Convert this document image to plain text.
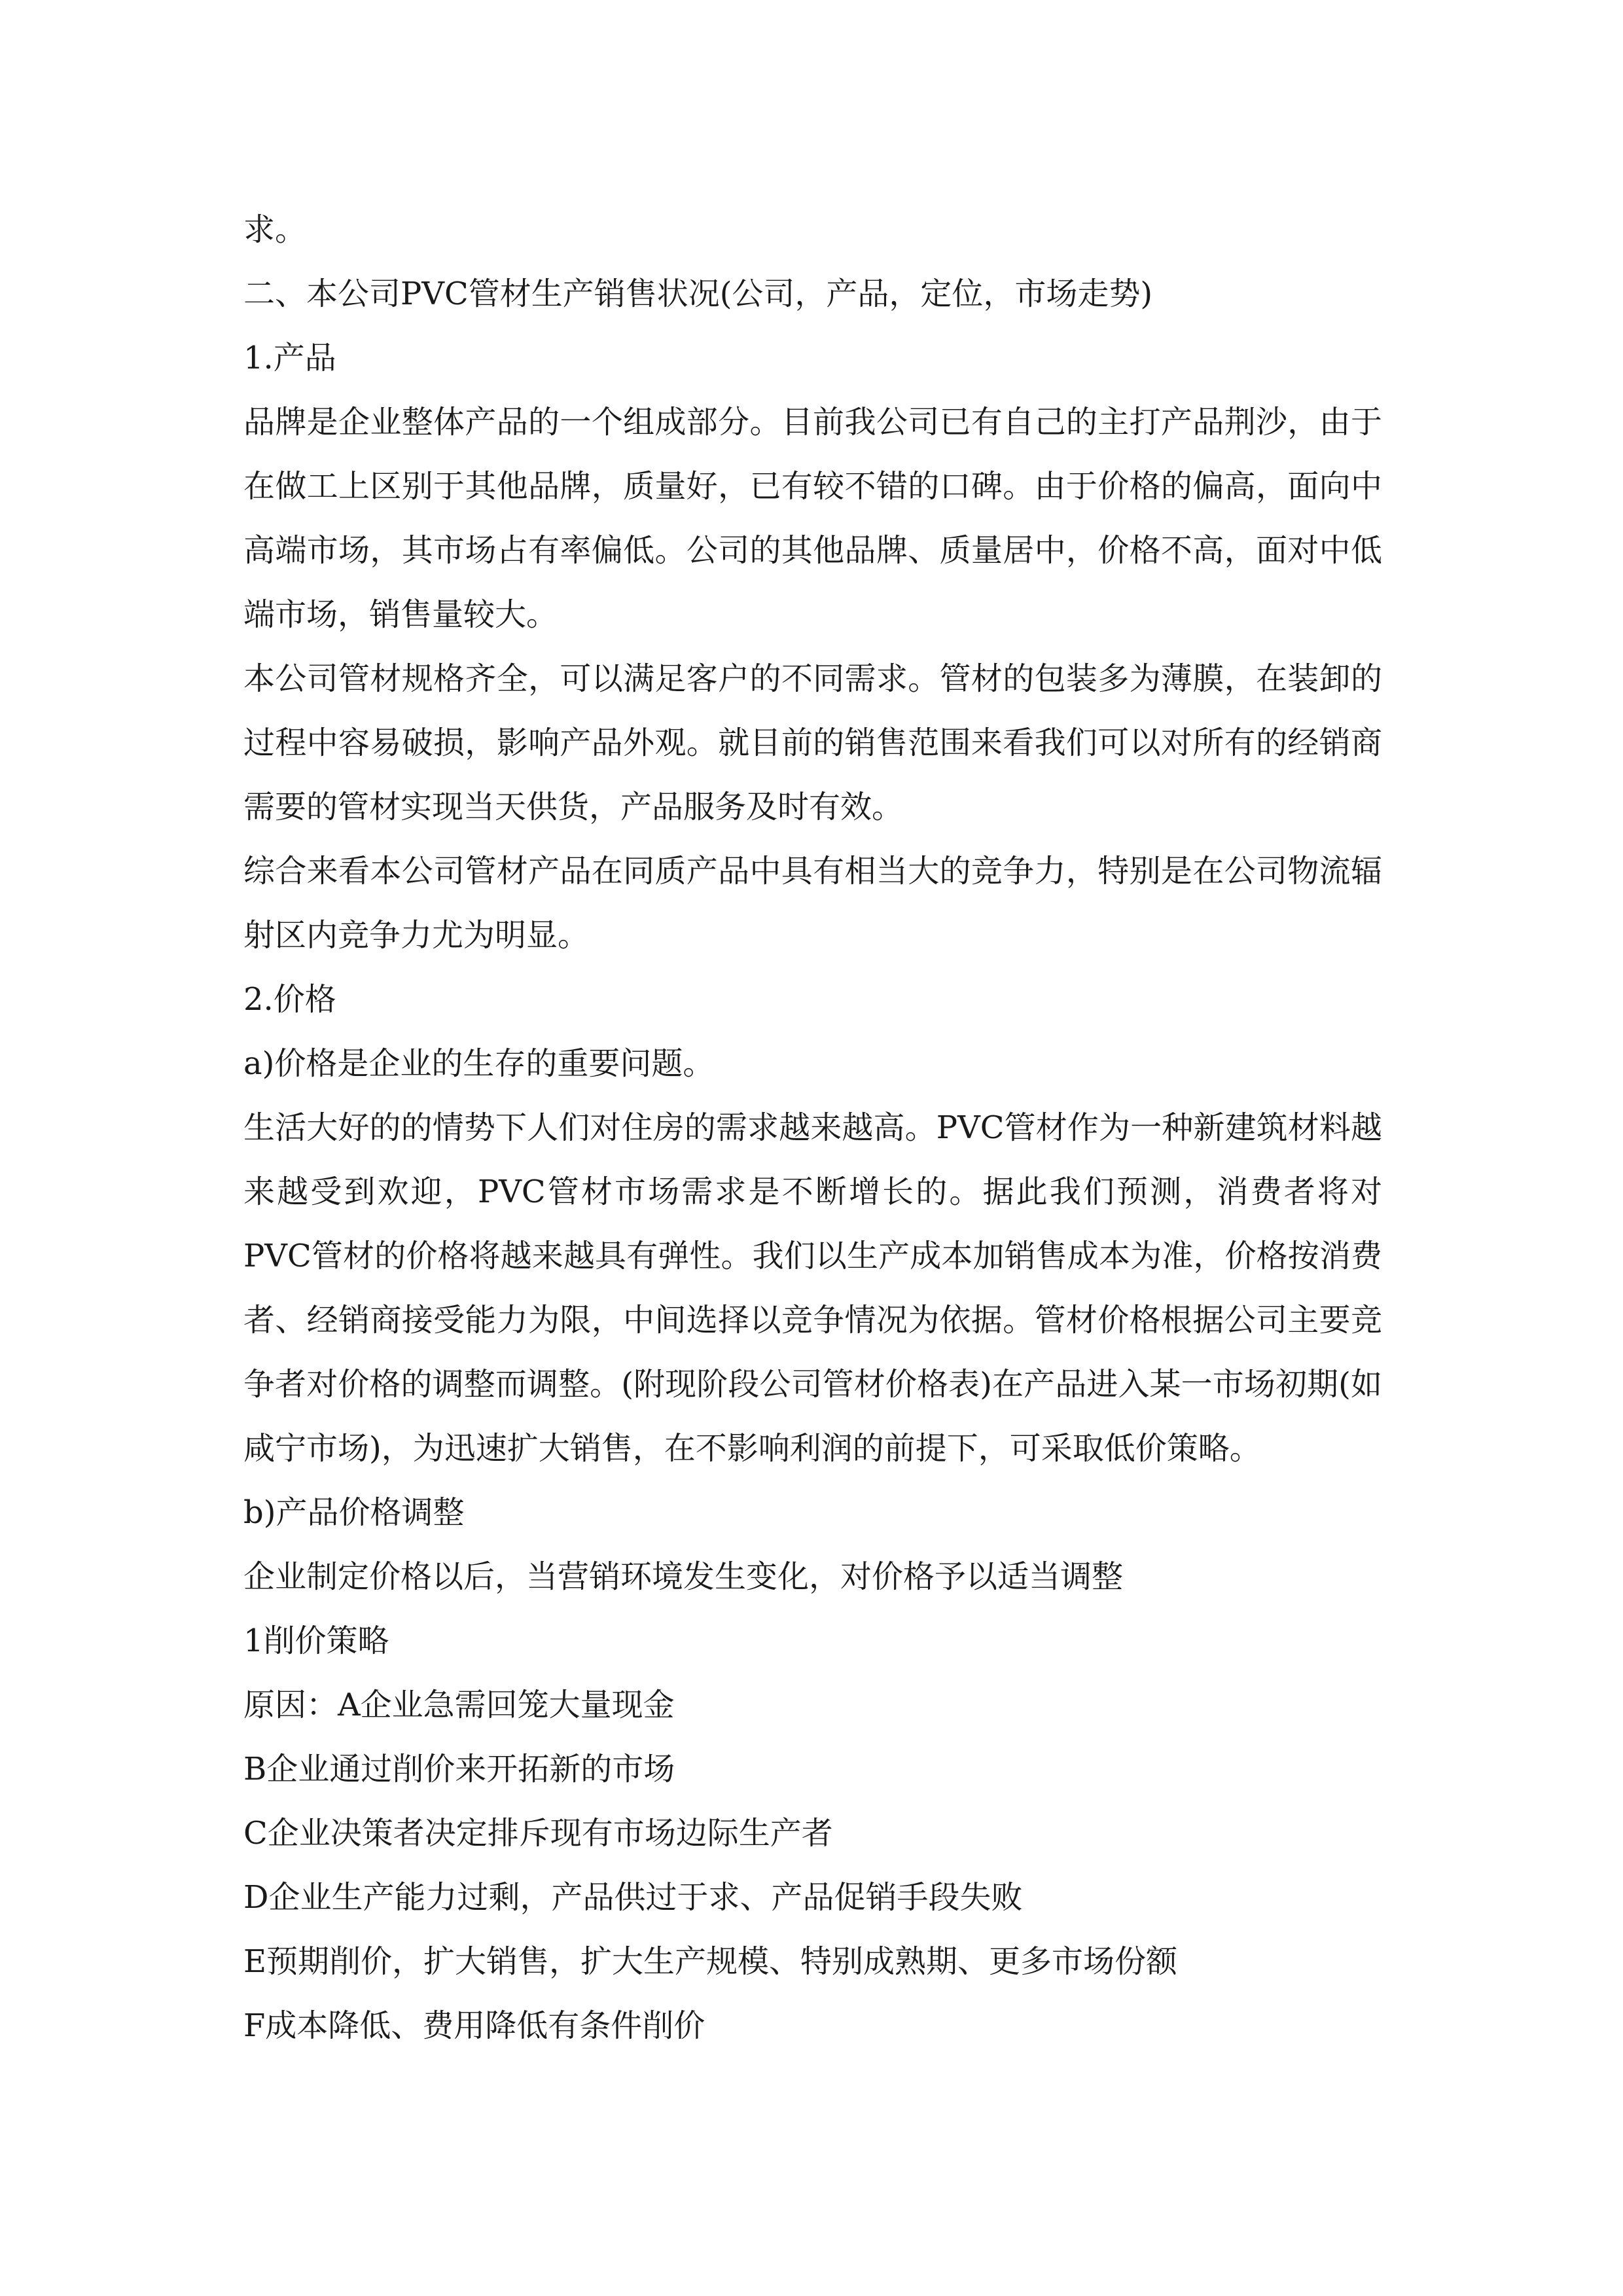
求。

二、本公司PVC管材生产销售状况(公司，产品，定位，市场走势)

1.产品

品牌是企业整体产品的一个组成部分。目前我公司已有自己的主打产品荆沙，由于在做工上区别于其他品牌，质量好，已有较不错的口碑。由于价格的偏高，面向中高端市场，其市场占有率偏低。公司的其他品牌、质量居中，价格不高，面对中低端市场，销售量较大。

本公司管材规格齐全，可以满足客户的不同需求。管材的包装多为薄膜，在装卸的过程中容易破损，影响产品外观。就目前的销售范围来看我们可以对所有的经销商需要的管材实现当天供货，产品服务及时有效。

综合来看本公司管材产品在同质产品中具有相当大的竞争力，特别是在公司物流辐射区内竞争力尤为明显。

2.价格

a)价格是企业的生存的重要问题。

生活大好的的情势下人们对住房的需求越来越高。PVC管材作为一种新建筑材料越来越受到欢迎，PVC管材市场需求是不断增长的。据此我们预测，消费者将对PVC管材的价格将越来越具有弹性。我们以生产成本加销售成本为准，价格按消费者、经销商接受能力为限，中间选择以竞争情况为依据。管材价格根据公司主要竞争者对价格的调整而调整。(附现阶段公司管材价格表)在产品进入某一市场初期(如咸宁市场)，为迅速扩大销售，在不影响利润的前提下，可采取低价策略。

b)产品价格调整

企业制定价格以后，当营销环境发生变化，对价格予以适当调整

1削价策略

原因：A企业急需回笼大量现金

B企业通过削价来开拓新的市场

C企业决策者决定排斥现有市场边际生产者

D企业生产能力过剩，产品供过于求、产品促销手段失败

E预期削价，扩大销售，扩大生产规模、特别成熟期、更多市场份额

F成本降低、费用降低有条件削价
